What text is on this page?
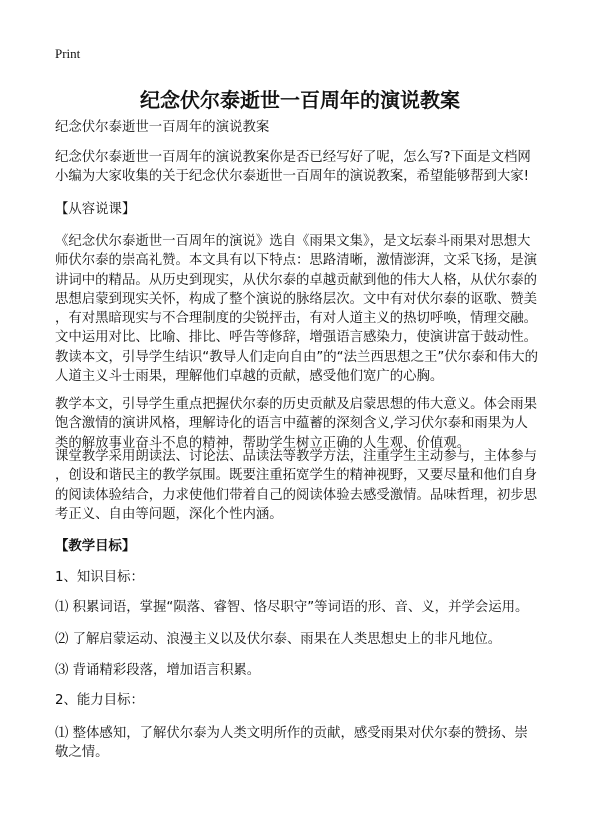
Print
纪念伏尔泰逝世一百周年的演说教案
纪念伏尔泰逝世一百周年的演说教案
纪念伏尔泰逝世一百周年的演说教案你是否已经写好了呢，怎么写?下面是文档网
小编为大家收集的关于纪念伏尔泰逝世一百周年的演说教案，希望能够帮到大家!
【从容说课】
《纪念伏尔泰逝世一百周年的演说》选自《雨果文集》，是文坛泰斗雨果对思想大
师伏尔泰的崇高礼赞。本文具有以下特点：思路清晰，激情澎湃，文采飞扬，是演
讲词中的精品。从历史到现实，从伏尔泰的卓越贡献到他的伟大人格，从伏尔泰的
思想启蒙到现实关怀，构成了整个演说的脉络层次。文中有对伏尔泰的讴歌、赞美
，有对黑暗现实与不合理制度的尖锐抨击，有对人道主义的热切呼唤，情理交融。
文中运用对比、比喻、排比、呼告等修辞，增强语言感染力，使演讲富于鼓动性。
教读本文，引导学生结识“教导人们走向自由”的“法兰西思想之王”伏尔泰和伟大的
人道主义斗士雨果，理解他们卓越的贡献，感受他们宽广的心胸。
教学本文，引导学生重点把握伏尔泰的历史贡献及启蒙思想的伟大意义。体会雨果
饱含激情的演讲风格，理解诗化的语言中蕴蓄的深刻含义,学习伏尔泰和雨果为人
类的解放事业奋斗不息的精神，帮助学生树立正确的人生观、价值观。
课堂教学采用朗读法、讨论法、品读法等教学方法，注重学生主动参与，主体参与
，创设和谐民主的教学氛围。既要注重拓宽学生的精神视野，又要尽量和他们自身
的阅读体验结合，力求使他们带着自己的阅读体验去感受激情。品味哲理，初步思
考正义、自由等问题，深化个性内涵。
【教学目标】
1、知识目标：
⑴ 积累词语，掌握“陨落、睿智、恪尽职守”等词语的形、音、义，并学会运用。
⑵ 了解启蒙运动、浪漫主义以及伏尔泰、雨果在人类思想史上的非凡地位。
⑶ 背诵精彩段落，增加语言积累。
2、能力目标：
⑴ 整体感知，了解伏尔泰为人类文明所作的贡献，感受雨果对伏尔泰的赞扬、崇
敬之情。
